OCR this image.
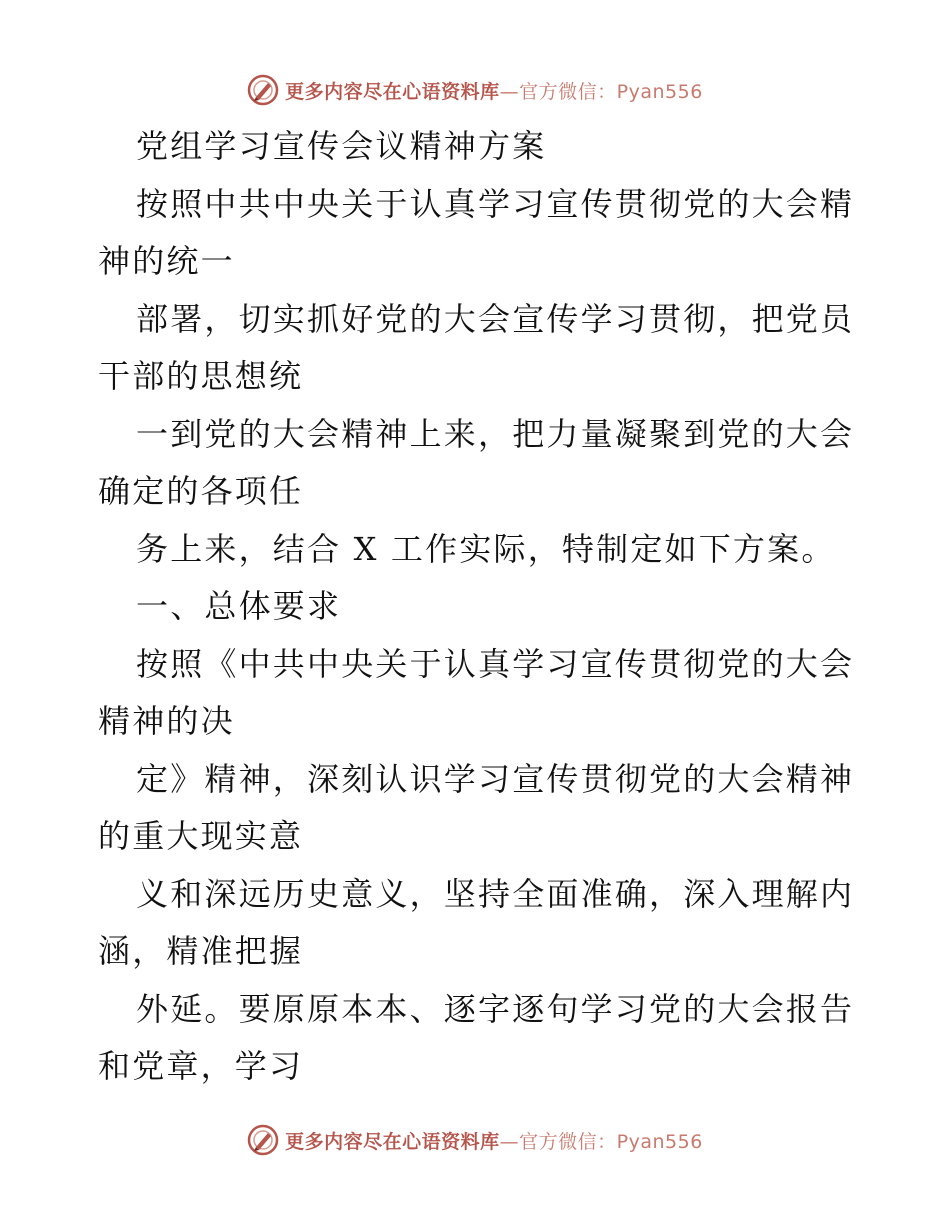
更多内容尽在心语资料库—官方微信：Pyan556
党组学习宣传会议精神方案
按照中共中央关于认真学习宣传贯彻党的大会精
神的统一
部署，切实抓好党的大会宣传学习贯彻，把党员
干部的思想统
一到党的大会精神上来，把力量凝聚到党的大会
确定的各项任
务上来，结合 X 工作实际，特制定如下方案。
一、总体要求
按照《中共中央关于认真学习宣传贯彻党的大会
精神的决
定》精神，深刻认识学习宣传贯彻党的大会精神
的重大现实意
义和深远历史意义，坚持全面准确，深入理解内
涵，精准把握
外延。要原原本本、逐字逐句学习党的大会报告
和党章，学习
更多内容尽在心语资料库—官方微信：Pyan556
